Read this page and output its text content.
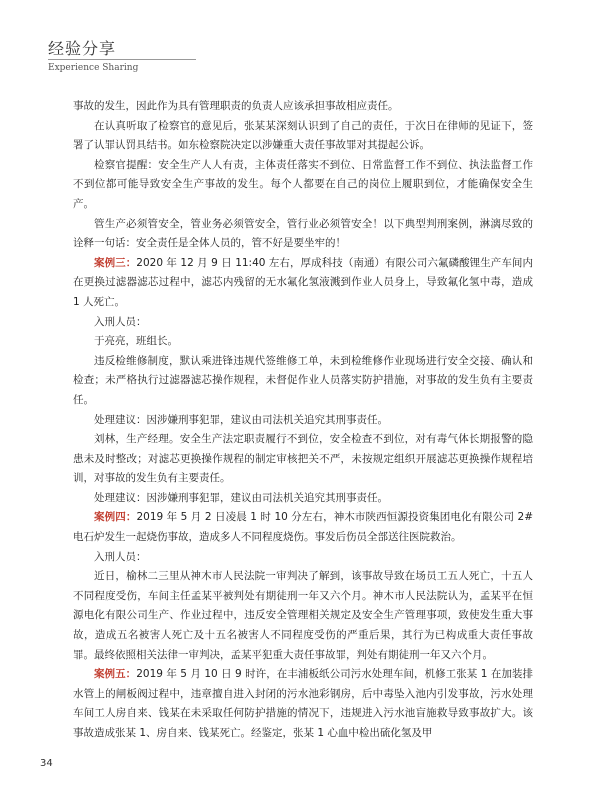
经验分享
Experience Sharing

事故的发生，因此作为具有管理职责的负责人应该承担事故相应责任。

在认真听取了检察官的意见后，张某某深刻认识到了自己的责任，于次日在律师的见证下，签署了认罪认罚具结书。如东检察院决定以涉嫌重大责任事故罪对其提起公诉。

检察官提醒：安全生产人人有责，主体责任落实不到位、日常监督工作不到位、执法监督工作不到位都可能导致安全生产事故的发生。每个人都要在自己的岗位上履职到位，才能确保安全生产。

管生产必须管安全，管业务必须管安全，管行业必须管安全！以下典型判刑案例，淋漓尽致的诠释一句话：安全责任是全体人员的，管不好是要坐牢的！

案例三：2020 年 12 月 9 日 11:40 左右，厚成科技（南通）有限公司六氟磷酸锂生产车间内在更换过滤器滤芯过程中，滤芯内残留的无水氟化氢液溅到作业人员身上，导致氟化氢中毒，造成 1 人死亡。

入刑人员：

于亮亮，班组长。

违反检维修制度，默认乘进锋违规代签维修工单，未到检维修作业现场进行安全交接、确认和检查；未严格执行过滤器滤芯操作规程，未督促作业人员落实防护措施，对事故的发生负有主要责任。

处理建议：因涉嫌刑事犯罪，建议由司法机关追究其刑事责任。

刘林，生产经理。安全生产法定职责履行不到位，安全检查不到位，对有毒气体长期报警的隐患未及时整改；对滤芯更换操作规程的制定审核把关不严，未按规定组织开展滤芯更换操作规程培训，对事故的发生负有主要责任。

处理建议：因涉嫌刑事犯罪，建议由司法机关追究其刑事责任。

案例四：2019 年 5 月 2 日凌晨 1 时 10 分左右，神木市陕西恒源投资集团电化有限公司 2# 电石炉发生一起烧伤事故，造成多人不同程度烧伤。事发后伤员全部送往医院救治。

入刑人员：

近日，榆林二三里从神木市人民法院一审判决了解到，该事故导致在场员工五人死亡，十五人不同程度受伤，车间主任孟某平被判处有期徒刑一年又六个月。神木市人民法院认为，孟某平在恒源电化有限公司生产、作业过程中，违反安全管理相关规定及安全生产管理事项，致使发生重大事故，造成五名被害人死亡及十五名被害人不同程度受伤的严重后果，其行为已构成重大责任事故罪。最终依照相关法律一审判决，孟某平犯重大责任事故罪，判处有期徒刑一年又六个月。

案例五：2019 年 5 月 10 日 9 时许，在丰浦板纸公司污水处理车间，机修工张某 1 在加装排水管上的闸板阀过程中，违章擅自进入封闭的污水池彩钢房，后中毒坠入池内引发事故，污水处理车间工人房自来、钱某在未采取任何防护措施的情况下，违规进入污水池盲施救导致事故扩大。该事故造成张某 1、房自来、钱某死亡。经鉴定，张某 1 心血中检出硫化氢及甲

34
